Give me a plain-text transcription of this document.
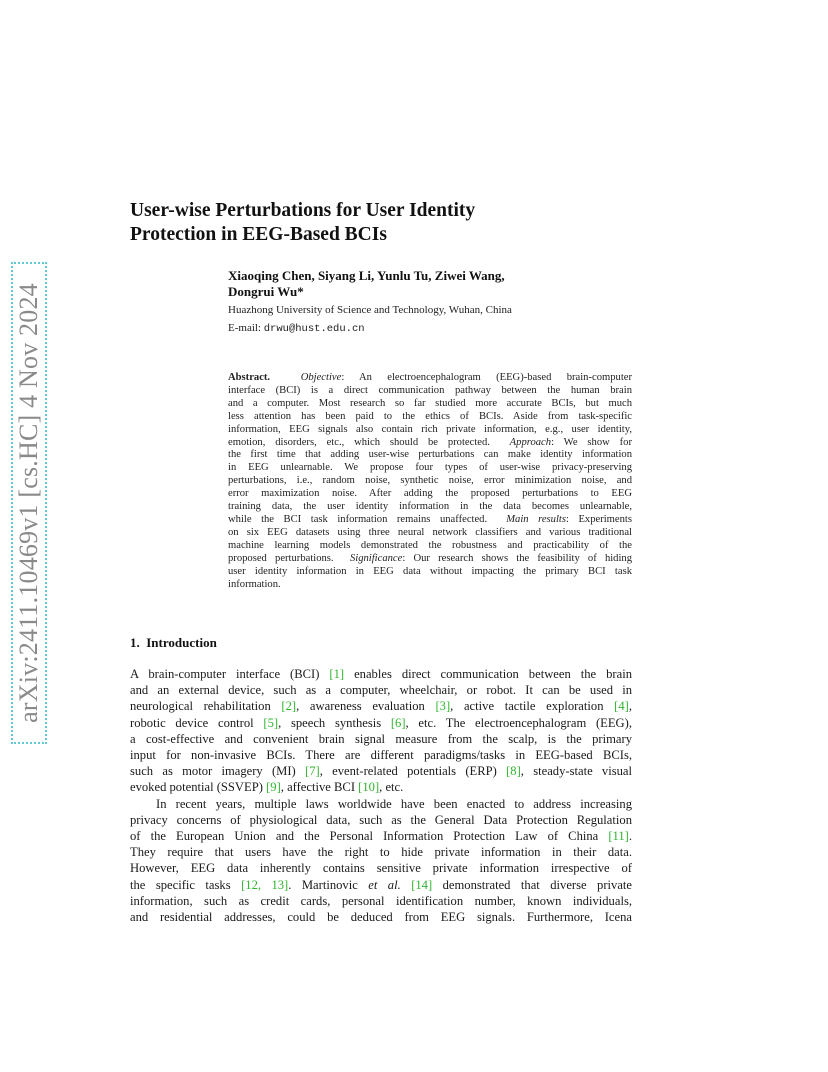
arXiv:2411.10469v1 [cs.HC] 4 Nov 2024
User-wise Perturbations for User Identity
Protection in EEG-Based BCIs
Xiaoqing Chen, Siyang Li, Yunlu Tu, Ziwei Wang,
Dongrui Wu*
Huazhong University of Science and Technology, Wuhan, China
E-mail: drwu@hust.edu.cn
Abstract.	Objective: An electroencephalogram (EEG)-based brain-computer
interface (BCI) is a direct communication pathway between the human brain
and a computer. Most research so far studied more accurate BCIs, but much
less attention has been paid to the ethics of BCIs. Aside from task-specific
information, EEG signals also contain rich private information, e.g., user identity,
emotion, disorders, etc., which should be protected. Approach: We show for
the first time that adding user-wise perturbations can make identity information
in EEG unlearnable. We propose four types of user-wise privacy-preserving
perturbations, i.e., random noise, synthetic noise, error minimization noise, and
error maximization noise. After adding the proposed perturbations to EEG
training data, the user identity information in the data becomes unlearnable,
while the BCI task information remains unaffected. Main results: Experiments
on six EEG datasets using three neural network classifiers and various traditional
machine learning models demonstrated the robustness and practicability of the
proposed perturbations. Significance: Our research shows the feasibility of hiding
user identity information in EEG data without impacting the primary BCI task
information.
1. Introduction
A brain-computer interface (BCI) [1] enables direct communication between the brain
and an external device, such as a computer, wheelchair, or robot. It can be used in
neurological rehabilitation [2], awareness evaluation [3], active tactile exploration [4],
robotic device control [5], speech synthesis [6], etc. The electroencephalogram (EEG),
a cost-effective and convenient brain signal measure from the scalp, is the primary
input for non-invasive BCIs. There are different paradigms/tasks in EEG-based BCIs,
such as motor imagery (MI) [7], event-related potentials (ERP) [8], steady-state visual
evoked potential (SSVEP) [9], affective BCI [10], etc.
In recent years, multiple laws worldwide have been enacted to address increasing
privacy concerns of physiological data, such as the General Data Protection Regulation
of the European Union and the Personal Information Protection Law of China [11].
They require that users have the right to hide private information in their data.
However, EEG data inherently contains sensitive private information irrespective of
the specific tasks [12, 13]. Martinovic et al. [14] demonstrated that diverse private
information, such as credit cards, personal identification number, known individuals,
and residential addresses, could be deduced from EEG signals. Furthermore, Icena
